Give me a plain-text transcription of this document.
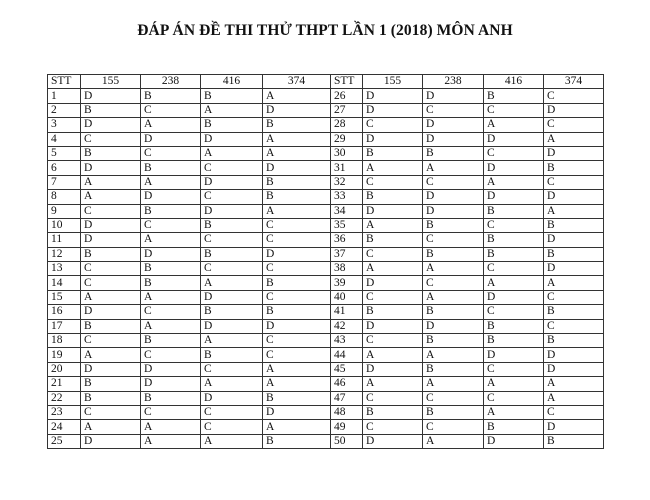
ĐÁP ÁN ĐỀ THI THỬ THPT LẦN 1 (2018) MÔN ANH
STT	155	238	416	374	STT	155	238	416	374
1	D	B	B	A	26	D	D	B	C
2	B	C	A	D	27	D	C	C	D
3	D	A	B	B	28	C	D	A	C
4	C	D	D	A	29	D	D	D	A
5	B	C	A	A	30	B	B	C	D
6	D	B	C	D	31	A	A	D	B
7	A	A	D	B	32	C	C	A	C
8	A	D	C	B	33	B	D	D	D
9	C	B	D	A	34	D	D	B	A
10	D	C	B	C	35	A	B	C	B
11	D	A	C	C	36	B	C	B	D
12	B	D	B	D	37	C	B	B	B
13	C	B	C	C	38	A	A	C	D
14	C	B	A	B	39	D	C	A	A
15	A	A	D	C	40	C	A	D	C
16	D	C	B	B	41	B	B	C	B
17	B	A	D	D	42	D	D	B	C
18	C	B	A	C	43	C	B	B	B
19	A	C	B	C	44	A	A	D	D
20	D	D	C	A	45	D	B	C	D
21	B	D	A	A	46	A	A	A	A
22	B	B	D	B	47	C	C	C	A
23	C	C	C	D	48	B	B	A	C
24	A	A	C	A	49	C	C	B	D
25	D	A	A	B	50	D	A	D	B
